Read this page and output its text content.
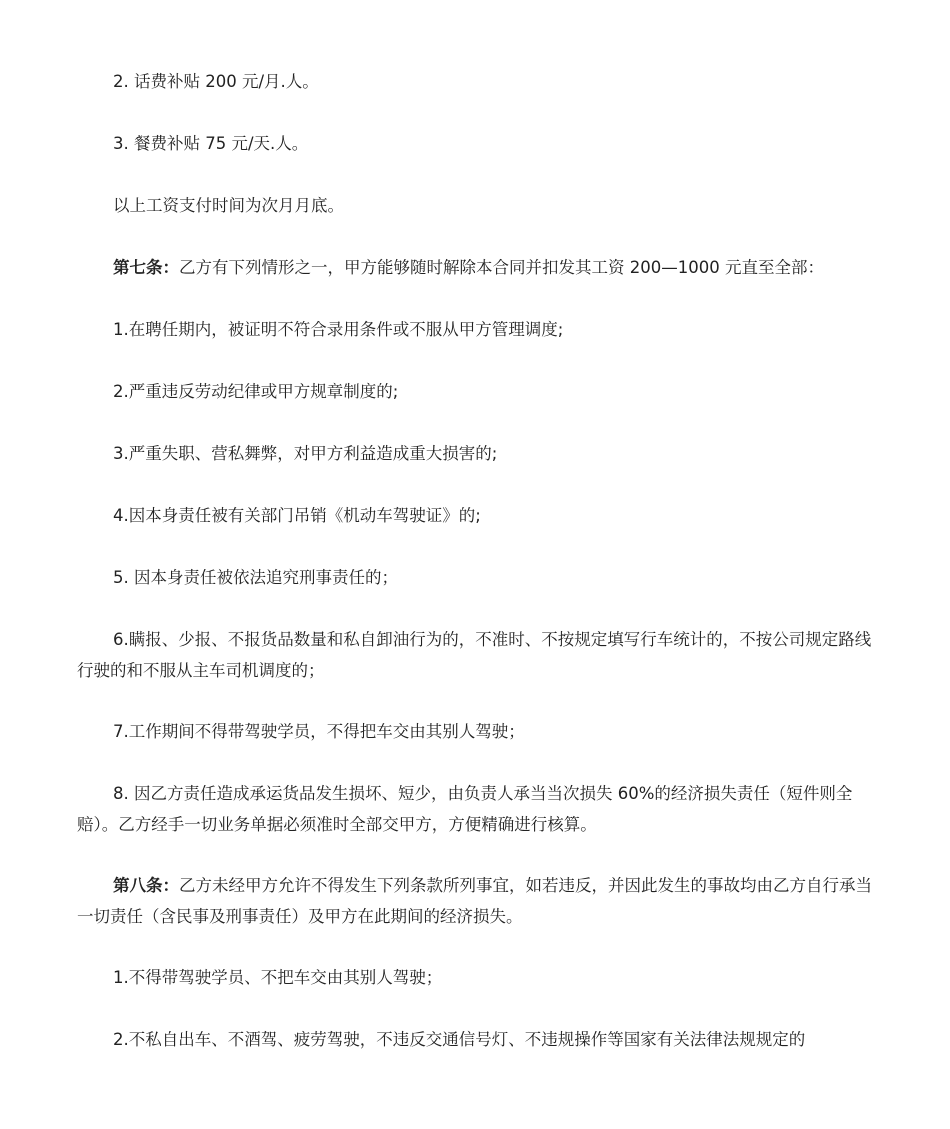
2. 话费补贴 200 元/月.人。

3. 餐费补贴 75 元/天.人。

以上工资支付时间为次月月底。

第七条：乙方有下列情形之一，甲方能够随时解除本合同并扣发其工资 200—1000 元直至全部：

1.在聘任期内，被证明不符合录用条件或不服从甲方管理调度;

2.严重违反劳动纪律或甲方规章制度的;

3.严重失职、营私舞弊，对甲方利益造成重大损害的;

4.因本身责任被有关部门吊销《机动车驾驶证》的;

5. 因本身责任被依法追究刑事责任的；

6.瞒报、少报、不报货品数量和私自卸油行为的，不准时、不按规定填写行车统计的，不按公司规定路线行驶的和不服从主车司机调度的；

7.工作期间不得带驾驶学员，不得把车交由其别人驾驶；

8. 因乙方责任造成承运货品发生损坏、短少，由负责人承当当次损失 60%的经济损失责任（短件则全赔）。乙方经手一切业务单据必须准时全部交甲方，方便精确进行核算。

第八条：乙方未经甲方允许不得发生下列条款所列事宜，如若违反，并因此发生的事故均由乙方自行承当一切责任（含民事及刑事责任）及甲方在此期间的经济损失。

1.不得带驾驶学员、不把车交由其别人驾驶；

2.不私自出车、不酒驾、疲劳驾驶，不违反交通信号灯、不违规操作等国家有关法律法规规定的
